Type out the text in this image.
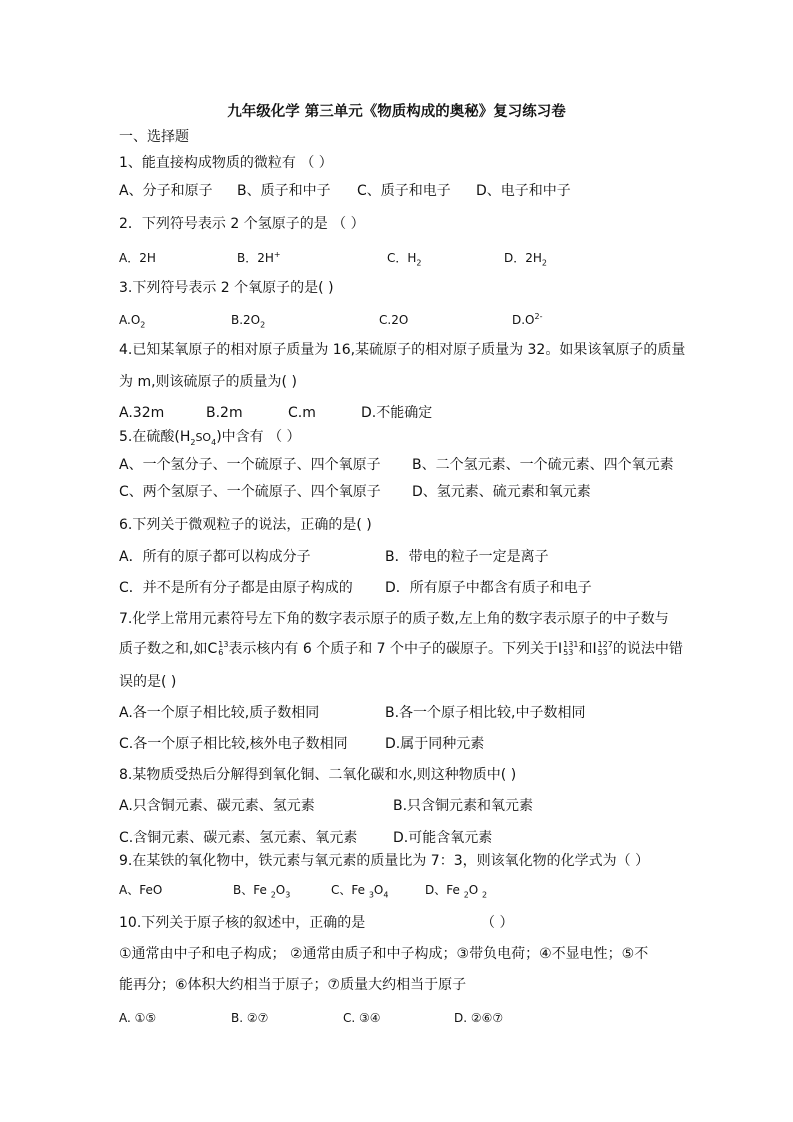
九年级化学 第三单元《物质构成的奥秘》复习练习卷
一、选择题
1、能直接构成物质的微粒有 （ ）
A、分子和原子 B、质子和中子 C、质子和电子 D、电子和中子
2．下列符号表示 2 个氢原子的是 （ ）
A．2H	B．2H+	C．$H_2$	D．$2H_2$
3.下列符号表示 2 个氧原子的是( )
$A.O_2$	$B.2O_2$	C.2O	$D.O^{2-}$
4.已知某氧原子的相对原子质量为 16,某硫原子的相对原子质量为 32。如果该氧原子的质量
为 m,则该硫原子的质量为( )
A.32m	B.2m	C.m	D.不能确定
5.在硫酸$(H_2SO_4)$中含有 （ ）
A、一个氢分子、一个硫原子、四个氧原子 B、二个氢元素、一个硫元素、四个氧元素
C、两个氢原子、一个硫原子、四个氧原子 D、氢元素、硫元素和氧元素
6.下列关于微观粒子的说法，正确的是( )
A．所有的原子都可以构成分子	B．带电的粒子一定是离子
C．并不是所有分子都是由原子构成的 D．所有原子中都含有质子和电子
7.化学上常用元素符号左下角的数字表示原子的质子数,左上角的数字表示原子的中子数与
质子数之和,如C 13
6 表示核内有 6 个质子和 7 个中子的碳原子。下列关于I 131
53 和I 127
53 的说法中错
误的是( )
A.各一个原子相比较,质子数相同	B.各一个原子相比较,中子数相同
C.各一个原子相比较,核外电子数相同	D.属于同种元素
8.某物质受热后分解得到氧化铜、二氧化碳和水,则这种物质中( )
A.只含铜元素、碳元素、氢元素	B.只含铜元素和氧元素
C.含铜元素、碳元素、氢元素、氧元素	D.可能含氧元素
9.在某铁的氧化物中，铁元素与氧元素的质量比为 7：3，则该氧化物的化学式为（ ）
A、FeO	B、Fe $_2O_3$	C、Fe $_3O_4$	D、Fe $_2$O $_2$
10.下列关于原子核的叙述中，正确的是	（ ）
①通常由中子和电子构成； ②通常由质子和中子构成；③带负电荷；④不显电性；⑤不
能再分；⑥体积大约相当于原子；⑦质量大约相当于原子
A. ①⑤	B. ②⑦	C. ③④	D. ②⑥⑦
